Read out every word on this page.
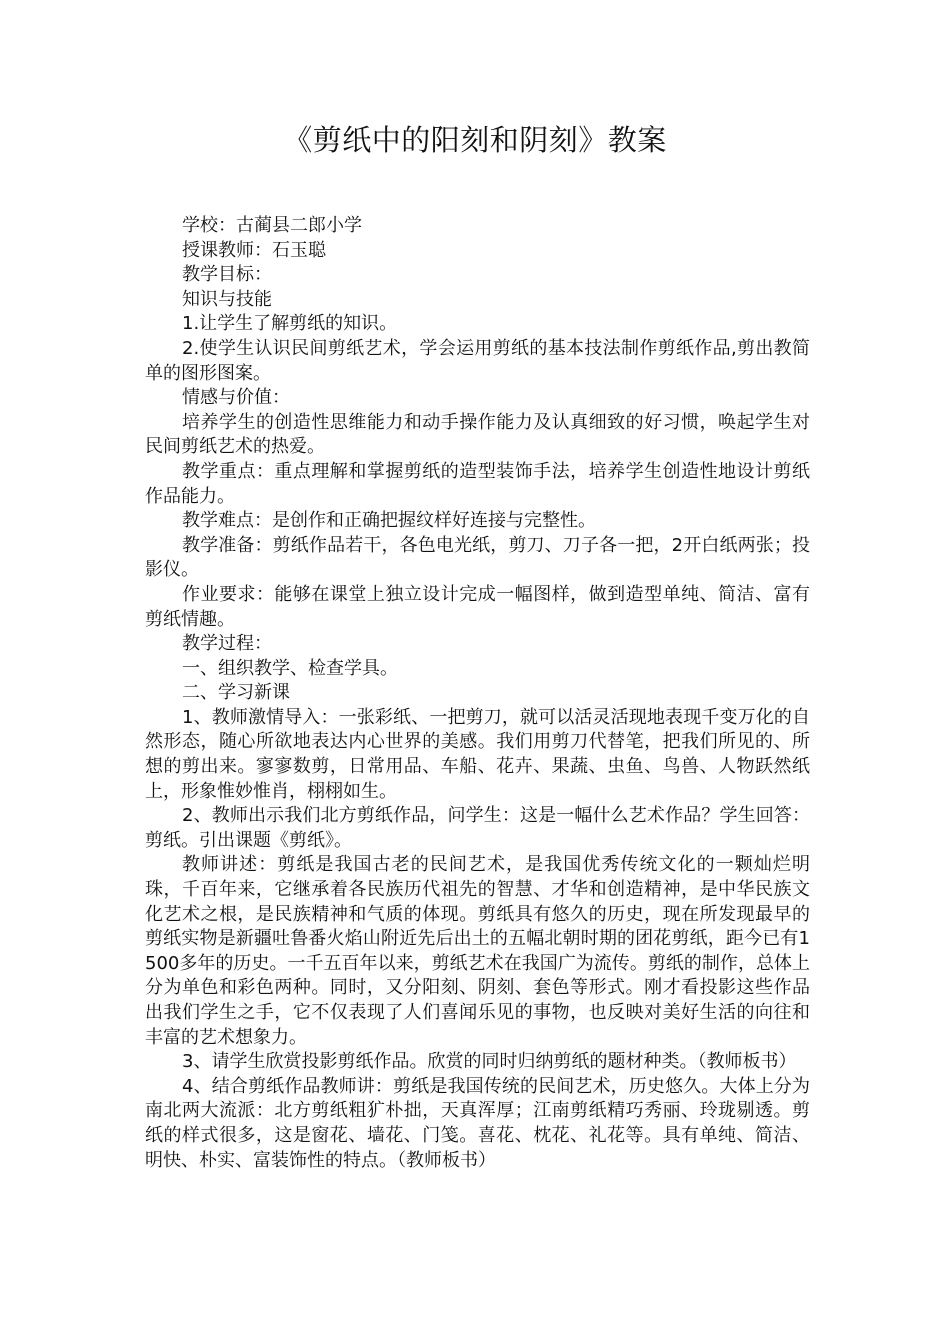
《剪纸中的阳刻和阴刻》教案

学校：古蔺县二郎小学

授课教师：石玉聪

教学目标：

知识与技能

1.让学生了解剪纸的知识。

2.使学生认识民间剪纸艺术，学会运用剪纸的基本技法制作剪纸作品,剪出教简单的图形图案。

情感与价值：

培养学生的创造性思维能力和动手操作能力及认真细致的好习惯，唤起学生对民间剪纸艺术的热爱。

教学重点：重点理解和掌握剪纸的造型装饰手法，培养学生创造性地设计剪纸作品能力。

教学难点：是创作和正确把握纹样好连接与完整性。

教学准备：剪纸作品若干，各色电光纸，剪刀、刀子各一把，2开白纸两张；投影仪。

作业要求：能够在课堂上独立设计完成一幅图样，做到造型单纯、简洁、富有剪纸情趣。

教学过程：

一、组织教学、检查学具。

二、学习新课

1、教师激情导入：一张彩纸、一把剪刀，就可以活灵活现地表现千变万化的自然形态，随心所欲地表达内心世界的美感。我们用剪刀代替笔，把我们所见的、所想的剪出来。寥寥数剪，日常用品、车船、花卉、果蔬、虫鱼、鸟兽、人物跃然纸上，形象惟妙惟肖，栩栩如生。

2、教师出示我们北方剪纸作品，问学生：这是一幅什么艺术作品？学生回答：剪纸。引出课题《剪纸》。

教师讲述：剪纸是我国古老的民间艺术，是我国优秀传统文化的一颗灿烂明珠，千百年来，它继承着各民族历代祖先的智慧、才华和创造精神，是中华民族文化艺术之根，是民族精神和气质的体现。剪纸具有悠久的历史，现在所发现最早的剪纸实物是新疆吐鲁番火焰山附近先后出土的五幅北朝时期的团花剪纸，距今已有1500多年的历史。一千五百年以来，剪纸艺术在我国广为流传。剪纸的制作，总体上分为单色和彩色两种。同时，又分阳刻、阴刻、套色等形式。刚才看投影这些作品出我们学生之手，它不仅表现了人们喜闻乐见的事物，也反映对美好生活的向往和丰富的艺术想象力。

3、请学生欣赏投影剪纸作品。欣赏的同时归纳剪纸的题材种类。（教师板书）

4、结合剪纸作品教师讲：剪纸是我国传统的民间艺术，历史悠久。大体上分为南北两大流派：北方剪纸粗犷朴拙，天真浑厚；江南剪纸精巧秀丽、玲珑剔透。剪纸的样式很多，这是窗花、墙花、门笺。喜花、枕花、礼花等。具有单纯、简洁、明快、朴实、富装饰性的特点。（教师板书）
